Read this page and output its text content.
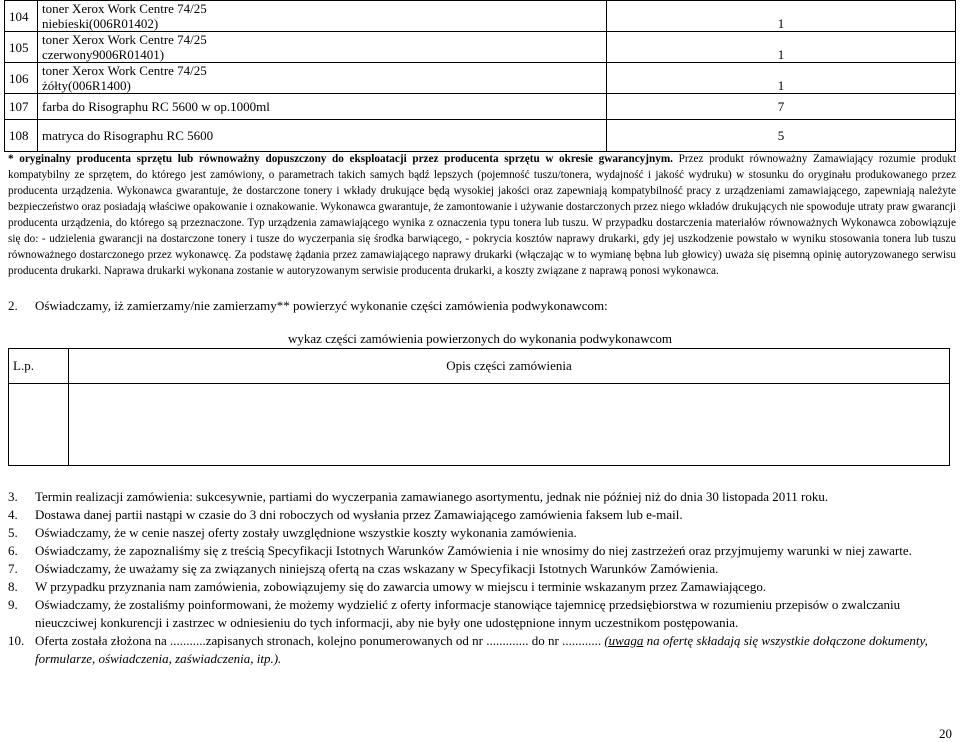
104	toner Xerox Work Centre 74/25
niebieski(006R01402)	1
105	toner Xerox Work Centre 74/25
czerwony9006R01401)	1
106	toner Xerox Work Centre 74/25
żółty(006R1400)	1
107	farba do Risographu RC 5600 w op.1000ml	7
108	matryca do Risographu RC 5600	5
* oryginalny producenta sprzętu lub równoważny dopuszczony do eksploatacji przez producenta sprzętu w okresie gwarancyjnym. Przez produkt równoważny Zamawiający rozumie produkt kompatybilny ze sprzętem, do którego jest zamówiony, o parametrach takich samych bądź lepszych (pojemność tuszu/tonera, wydajność i jakość wydruku) w stosunku do oryginału produkowanego przez producenta urządzenia. Wykonawca gwarantuje, że dostarczone tonery i wkłady drukujące będą wysokiej jakości oraz zapewniają kompatybilność pracy z urządzeniami zamawiającego, zapewniają należyte bezpieczeństwo oraz posiadają właściwe opakowanie i oznakowanie. Wykonawca gwarantuje, że zamontowanie i używanie dostarczonych przez niego wkładów drukujących nie spowoduje utraty praw gwarancji producenta urządzenia, do którego są przeznaczone. Typ urządzenia zamawiającego wynika z oznaczenia typu tonera lub tuszu. W przypadku dostarczenia materiałów równoważnych Wykonawca zobowiązuje się do: - udzielenia gwarancji na dostarczone tonery i tusze do wyczerpania się środka barwiącego, - pokrycia kosztów naprawy drukarki, gdy jej uszkodzenie powstało w wyniku stosowania tonera lub tuszu równoważnego dostarczonego przez wykonawcę. Za podstawę żądania przez zamawiającego naprawy drukarki (włączając w to wymianę bębna lub głowicy) uważa się pisemną opinię autoryzowanego serwisu producenta drukarki. Naprawa drukarki wykonana zostanie w autoryzowanym serwisie producenta drukarki, a koszty związane z naprawą ponosi wykonawca.
2. Oświadczamy, iż zamierzamy/nie zamierzamy** powierzyć wykonanie części zamówienia podwykonawcom:
wykaz części zamówienia powierzonych do wykonania podwykonawcom
L.p.	Opis części zamówienia

3. Termin realizacji zamówienia: sukcesywnie, partiami do wyczerpania zamawianego asortymentu, jednak nie później niż do dnia 30 listopada 2011 roku.
4. Dostawa danej partii nastąpi w czasie do 3 dni roboczych od wysłania przez Zamawiającego zamówienia faksem lub e-mail.
5. Oświadczamy, że w cenie naszej oferty zostały uwzględnione wszystkie koszty wykonania zamówienia.
6. Oświadczamy, że zapoznaliśmy się z treścią Specyfikacji Istotnych Warunków Zamówienia i nie wnosimy do niej zastrzeżeń oraz przyjmujemy warunki w niej zawarte.
7. Oświadczamy, że uważamy się za związanych niniejszą ofertą na czas wskazany w Specyfikacji Istotnych Warunków Zamówienia.
8. W przypadku przyznania nam zamówienia, zobowiązujemy się do zawarcia umowy w miejscu i terminie wskazanym przez Zamawiającego.
9. Oświadczamy, że zostaliśmy poinformowani, że możemy wydzielić z oferty informacje stanowiące tajemnicę przedsiębiorstwa w rozumieniu przepisów o zwalczaniu nieuczciwej konkurencji i zastrzec w odniesieniu do tych informacji, aby nie były one udostępnione innym uczestnikom postępowania.
10. Oferta została złożona na ...........zapisanych stronach, kolejno ponumerowanych od nr ............. do nr ............ (uwaga na ofertę składają się wszystkie dołączone dokumenty, formularze, oświadczenia, zaświadczenia, itp.).
20
